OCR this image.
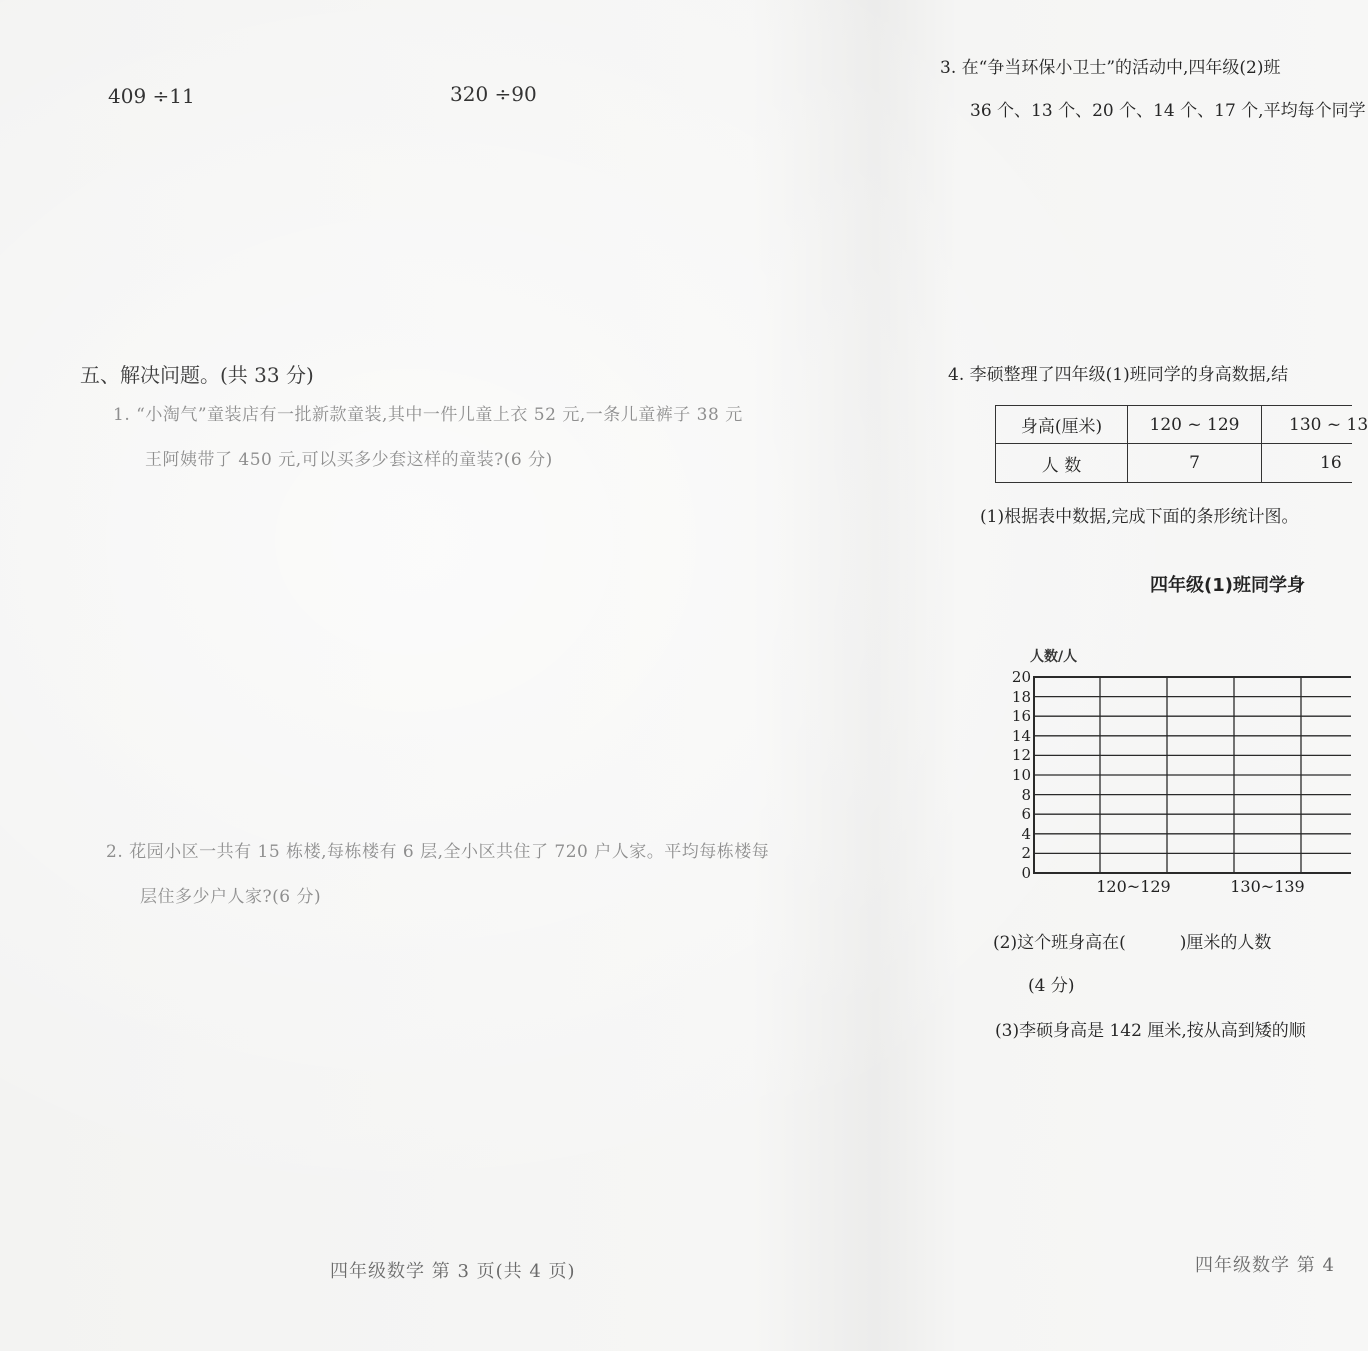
409 ÷11	320 ÷90
五、解决问题。(共 33 分)
1. “小淘气”童装店有一批新款童装,其中一件儿童上衣 52 元,一条儿童裤子 38 元
王阿姨带了 450 元,可以买多少套这样的童装?(6 分)
2. 花园小区一共有 15 栋楼,每栋楼有 6 层,全小区共住了 720 户人家。平均每栋楼每
层住多少户人家?(6 分)
四年级数学 第 3 页(共 4 页)
3. 在“争当环保小卫士”的活动中,四年级(2)班
36 个、13 个、20 个、14 个、17 个,平均每个同学
4. 李硕整理了四年级(1)班同学的身高数据,结
身高(厘米)	120 ~ 129	130 ~ 13
人 数	7	16
(1)根据表中数据,完成下面的条形统计图。
四年级(1)班同学身
人数/人
0
2
4
6
8
10
12
14
16
18
20
120~129	130~139
(2)这个班身高在(          )厘米的人数
(4 分)
(3)李硕身高是 142 厘米,按从高到矮的顺
四年级数学 第 4
